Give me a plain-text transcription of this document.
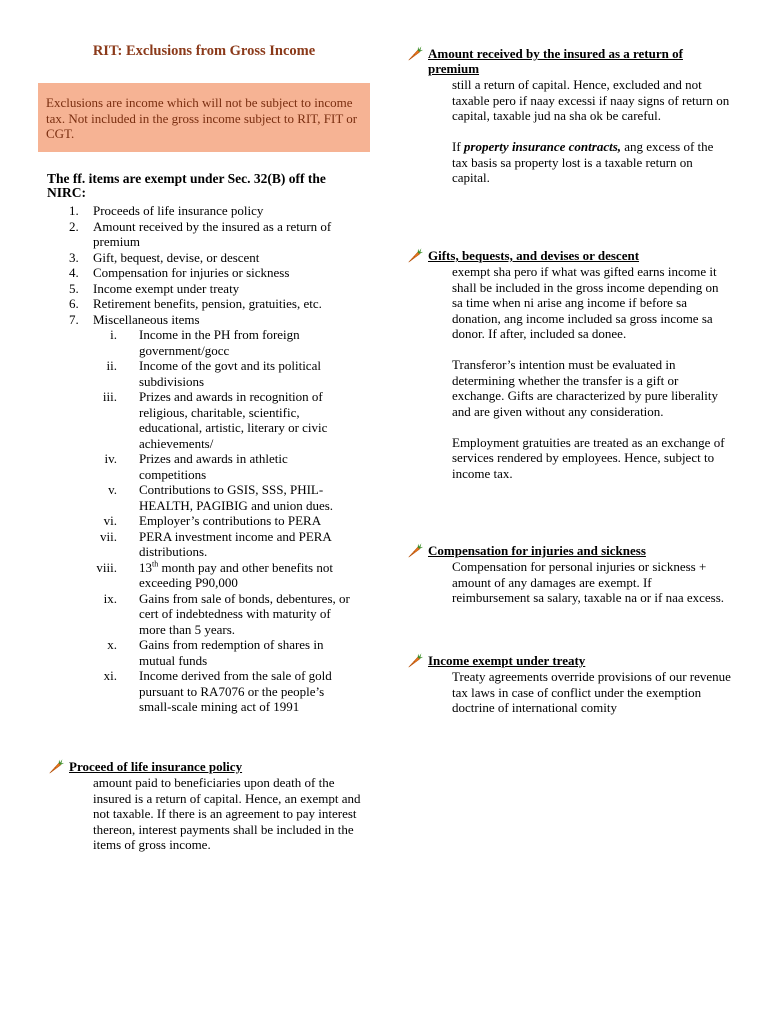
RIT: Exclusions from Gross Income
Exclusions are income which will not be subject to income tax. Not included in the gross income subject to RIT, FIT or CGT.
The ff. items are exempt under Sec. 32(B) off the NIRC:
1. Proceeds of life insurance policy
2. Amount received by the insured as a return of premium
3. Gift, bequest, devise, or descent
4. Compensation for injuries or sickness
5. Income exempt under treaty
6. Retirement benefits, pension, gratuities, etc.
7. Miscellaneous items
i. Income in the PH from foreign government/gocc
ii. Income of the govt and its political subdivisions
iii. Prizes and awards in recognition of religious, charitable, scientific, educational, artistic, literary or civic achievements/
iv. Prizes and awards in athletic competitions
v. Contributions to GSIS, SSS, PHIL-HEALTH, PAGIBIG and union dues.
vi. Employer’s contributions to PERA
vii. PERA investment income and PERA distributions.
viii. 13th month pay and other benefits not exceeding P90,000
ix. Gains from sale of bonds, debentures, or cert of indebtedness with maturity of more than 5 years.
x. Gains from redemption of shares in mutual funds
xi. Income derived from the sale of gold pursuant to RA7076 or the people’s small-scale mining act of 1991
Proceed of life insurance policy
amount paid to beneficiaries upon death of the insured is a return of capital. Hence, an exempt and not taxable. If there is an agreement to pay interest thereon, interest payments shall be included in the items of gross income.
Amount received by the insured as a return of premium

still a return of capital. Hence, excluded and not taxable pero if naay excessi if naay signs of return on capital, taxable jud na sha ok be careful.

If property insurance contracts, ang excess of the tax basis sa property lost is a taxable return on capital.

Gifts, bequests, and devises or descent

exempt sha pero if what was gifted earns income it shall be included in the gross income depending on sa time when ni arise ang income if before sa donation, ang income included sa gross income sa donor. If after, included sa donee.

Transferor’s intention must be evaluated in determining whether the transfer is a gift or exchange. Gifts are characterized by pure liberality and are given without any consideration.

Employment gratuities are treated as an exchange of services rendered by employees. Hence, subject to income tax.

Compensation for injuries and sickness
Compensation for personal injuries or sickness + amount of any damages are exempt. If reimbursement sa salary, taxable na or if naa excess.
Income exempt under treaty
Treaty agreements override provisions of our revenue tax laws in case of conflict under the exemption doctrine of international comity
